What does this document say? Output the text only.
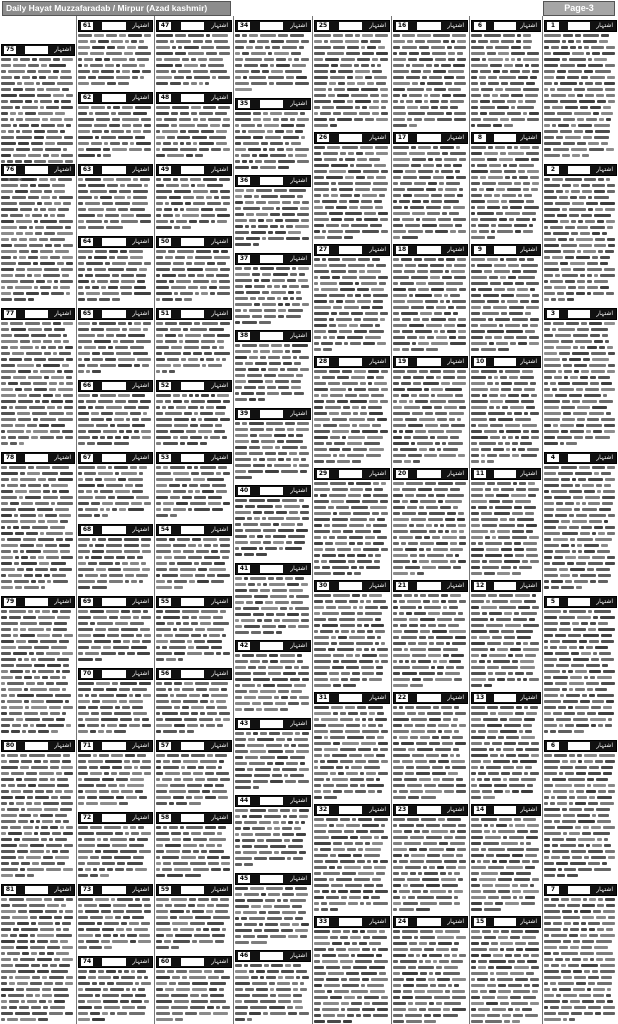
Daily Hayat Muzzafaradab / Mirpur (Azad kashmir)	Page-3
75	اشتہار
76	اشتہار
77	اشتہار
78	اشتہار
79	اشتہار
80	اشتہار
81	اشتہار
61	اشتہار
62	اشتہار
63	اشتہار
64	اشتہار
65	اشتہار
66	اشتہار
67	اشتہار
68	اشتہار
69	اشتہار
70	اشتہار
71	اشتہار
72	اشتہار
73	اشتہار
74	اشتہار
47	اشتہار
48	اشتہار
49	اشتہار
50	اشتہار
51	اشتہار
52	اشتہار
53	اشتہار
54	اشتہار
55	اشتہار
56	اشتہار
57	اشتہار
58	اشتہار
59	اشتہار
60	اشتہار
34	اشتہار
35	اشتہار
36	اشتہار
37	اشتہار
38	اشتہار
39	اشتہار
40	اشتہار
41	اشتہار
42	اشتہار
43	اشتہار
44	اشتہار
45	اشتہار
46	اشتہار
25	اشتہار
26	اشتہار
27	اشتہار
28	اشتہار
29	اشتہار
30	اشتہار
31	اشتہار
32	اشتہار
33	اشتہار
16	اشتہار
17	اشتہار
18	اشتہار
19	اشتہار
20	اشتہار
21	اشتہار
22	اشتہار
23	اشتہار
24	اشتہار
6	اشتہار
8	اشتہار
9	اشتہار
10	اشتہار
11	اشتہار
12	اشتہار
13	اشتہار
14	اشتہار
15	اشتہار
1	اشتہار
2	اشتہار
3	اشتہار
4	اشتہار
5	اشتہار
6	اشتہار
7	اشتہار
